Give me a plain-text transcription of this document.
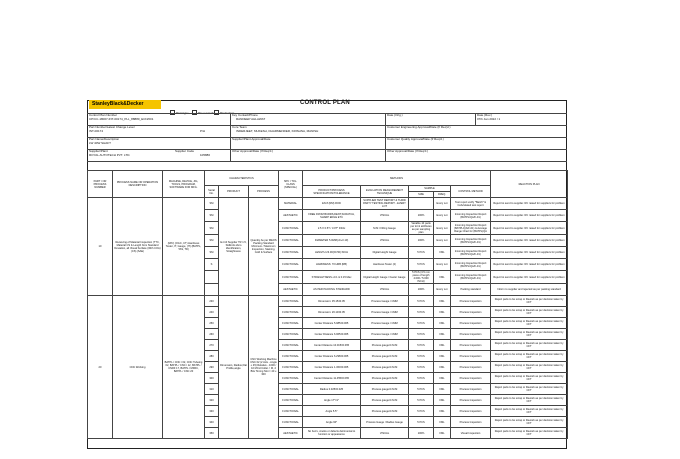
StanleyBlack&Decker	CONTROL PLAN
Prototype	Pre-Launch Production
Control Plan Number
CP/CC-18007-INT-00174_PH-_88880_ECN/001
Key Contact/Phone
RANDEEP AHLAWAT
Date (Orig.)	Date (Rev.)
07th Jan 2022 / 1
Part Number/Latest Change Level
INT-00174	P/H
Core Team
INDERJEET, MUKESH, DHARMENDER, KRISHNA, MANISH
Customer Engineering Approval/Date (If Req'd.)
Part Name/Description
LW 40W SHAFT
Supplier/Plant Approval/Date	Customer Quality Approval/Date (If Req'd.)
Supplier/Plant
ROYAL AUTOTECH PVT. LTD.
Supplier Code
105886
Other Approval/Date (If Req'd.)	Other Approval/Date (If Req'd.)
PART / OR PROCESS NUMBER	PROCESS NAME OR OPERATION DESCRIPTION	MACHINE, DEVICE, JIG, TOOLS, PROGRAM, SOFTWARE FOR MFG.	CHARACTERISTICS			SPC / TOL. CLASS (SPECIAL)	METHODS					REACTION PLAN
			Serial No.	PRODUCT	PROCESS		PRODUCT/PROCESS SPECIFICATION/TOLERANCE	EVALUATION MEASUREMENT TECHNIQUE	SAMPLE		CONTROL METHOD	
									SIZE	FREQ.		
10	Receiving of Material Inspection (TTC, Material CS & Length from Standard Deviation, all Visual Surface (With COA) (CS) (SAE)	(M/C) (OGC, CT) Hardness Tester, IT, Gauge, (IT) (BATPL, TAS, TD)	SM	EJ-10 Supplier TR 1.5, Stdlimits Zero Identification, Straightness	Quantity As per MEOS Packing Standard Minimum / Maximum Inspection, Staining, Cold & Surface	MATERIAL	EN 8 (RM) ROD	SUPPLIER TEST REPORT & THIRD PARTY TESTING REPORT - EVERY LOT		Every Lot	Test report verify *Batch* & CoA/related test report	Reject lot send to supplier. RC raised for suppliers for problem
			SM			AESTHETIC	FREE FROM BURRS,DENT,SCRATCH, SHARP EDGE ETC	VISUAL	100%	Every Lot	Incoming Inspection Report (BATPL/QA/F-01)	Reject lot send to supplier. RC raised for suppliers for problem
			SM			FUNCTIONAL	2.5 X 0.5T / 3.0T* INCH	M.M / Filling Gauge	Variable 10 parts per lot & attributes as per sampling plan	Every Lot	Incoming Inspection Report (BATPL/QA/F-01) & Average Range Chart for (BATPL)QA	Reject lot send to supplier. RC raised for suppliers for problem
			SM			FUNCTIONAL	DIAMETER 5.0MM(-0/+0.10)	VISUAL	100%	Every Lot	Incoming Inspection Report (BATPL/QA/F-01)	Reject lot send to supplier. RC raised for suppliers for problem
			SM			FUNCTIONAL	LENGTH 23.00(±0.50) INCH	Digital Height Gauge	5 PCS	FML	Incoming Inspection Report (BATPL/QA/F-01)	Reject lot send to supplier. RC raised for suppliers for problem
			S			FUNCTIONAL	HARDNESS: 70 HRB (RB)	Hardness Tester (2)	5 PCS	Every Lot	Incoming Inspection Report (BATPL/QA/F-01)	Reject lot send to supplier. RC raised for suppliers for problem
						FUNCTIONAL	STRAIGHTNESS ≤0.1 & 0.15 Max	Digital Height Gauge / Feeler Gauge	5 PCS (3.5 mm piece of length 4.000 / 5.000 INCH)	FML	Incoming Inspection Report (BATPL/QA/F-01)	Reject lot send to supplier. RC raised for suppliers for problem
						AESTHETIC	AS PER PACKING STANDARD	VISUAL	100%	Every Lot	Packing standard	Inform to supplier and rejected as per packing standard
20	CNC Working	BATPL / CNC / 02, CNC Tubeing 02, BATPL / CNC / 12, BATPL / CNRF 17, BATPL / MFRC, BATPL / CNC 20	230	Dimension, Radius,Flat Profile,angle	CNC Working Machine CNC 02 (2 Axis - Angle ≤ 45) Relative - 1000 / 10 MCH Collet < M, 2 Bits Timing Slot = 40 ≤ 300	FUNCTIONAL	Dimension: 35.15±0.05	Process Gauge / CMM	5 PCS	FML	Process Inspection	Reject parts to be scrap or Rework as per decision taken by CFT
			240			FUNCTIONAL	Dimension: 26.10±0.05	Process Gauge / CMM	5 PCS	FML	Process Inspection	Reject parts to be scrap or Rework as per decision taken by CFT
			250			FUNCTIONAL	Center Distance 5.985±0.065	Process Gauge / CMM	5 PCS	FML	Process Inspection	Reject parts to be scrap or Rework as per decision taken by CFT
			260			FUNCTIONAL	Center Distance 6.965±0.065	Process Gauge / CMM	5 PCS	FML	Process Inspection	Reject parts to be scrap or Rework as per decision taken by CFT
			270			FUNCTIONAL	Center Distance 10.015±0.065	Process gauge/C.M.M	5 PCS	FML	Process Inspection	Reject parts to be scrap or Rework as per decision taken by CFT
			280			FUNCTIONAL	Center Distance 6.298±0.065	Process gauge/C.M.M	5 PCS	FML	Process Inspection	Reject parts to be scrap or Rework as per decision taken by CFT
			290			FUNCTIONAL	Center Distance 1.360±0.065	Process gauge/C.M.M	5 PCS	FML	Process Inspection	Reject parts to be scrap or Rework as per decision taken by CFT
			300			FUNCTIONAL	Center Distance 11.455±0.065	Process gauge/C.M.M	5 PCS	FML	Process Inspection	Reject parts to be scrap or Rework as per decision taken by CFT
			310			FUNCTIONAL	Radius 0.325±0.025	Process gauge/C.M.M	5 PCS	FML	Process Inspection	Reject parts to be scrap or Rework as per decision taken by CFT
			320			FUNCTIONAL	Angle 17°±1°	Process gauge/C.M.M	5 PCS	FML	Process Inspection	Reject parts to be scrap or Rework as per decision taken by CFT
			330			FUNCTIONAL	Angle 5.5°	Process gauge/C.M.M	5 PCS	FML	Process Inspection	Reject parts to be scrap or Rework as per decision taken by CFT
			340			FUNCTIONAL	Angle 90°	Process Gauge / Radius Gauge	5 PCS	FML	Process Inspection	Reject parts to be scrap or Rework as per decision taken by CFT
			350			AESTHETIC	No burrs, cracks or defects detrimental to function or appearance	VISUAL	100%	FML	Visual Inspection	Reject parts to be scrap or Rework as per decision taken by CFT
